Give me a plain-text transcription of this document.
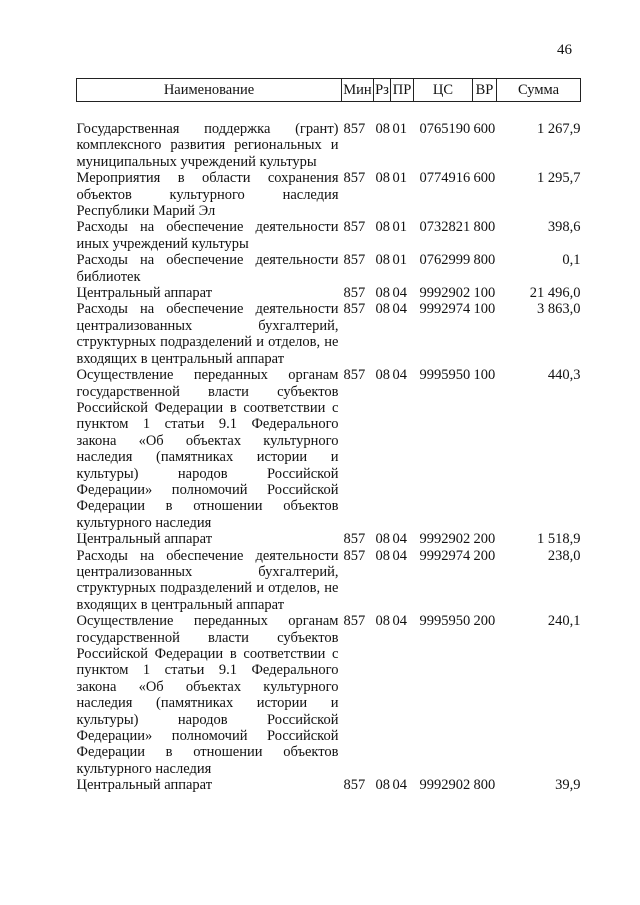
46
Наименование	Мин	Рз	ПР	ЦС	ВР	Сумма

Государственная поддержка (грант) комплексного развития региональных и муниципальных учреждений культуры	857	08	01	0765190	600	1 267,9
Мероприятия в области сохранения объектов культурного наследия Республики Марий Эл	857	08	01	0774916	600	1 295,7
Расходы на обеспечение деятельности иных учреждений культуры	857	08	01	0732821	800	398,6
Расходы на обеспечение деятельности библиотек	857	08	01	0762999	800	0,1
Центральный аппарат	857	08	04	9992902	100	21 496,0
Расходы на обеспечение деятельности централизованных бухгалтерий, структурных подразделений и отделов, не входящих в центральный аппарат	857	08	04	9992974	100	3 863,0
Осуществление переданных органам государственной власти субъектов Российской Федерации в соответствии с пунктом 1 статьи 9.1 Федерального закона «Об объектах культурного наследия (памятниках истории и культуры) народов Российской Федерации» полномочий Российской Федерации в отношении объектов культурного наследия	857	08	04	9995950	100	440,3
Центральный аппарат	857	08	04	9992902	200	1 518,9
Расходы на обеспечение деятельности централизованных бухгалтерий, структурных подразделений и отделов, не входящих в центральный аппарат	857	08	04	9992974	200	238,0
Осуществление переданных органам государственной власти субъектов Российской Федерации в соответствии с пунктом 1 статьи 9.1 Федерального закона «Об объектах культурного наследия (памятниках истории и культуры) народов Российской Федерации» полномочий Российской Федерации в отношении объектов культурного наследия	857	08	04	9995950	200	240,1
Центральный аппарат	857	08	04	9992902	800	39,9
